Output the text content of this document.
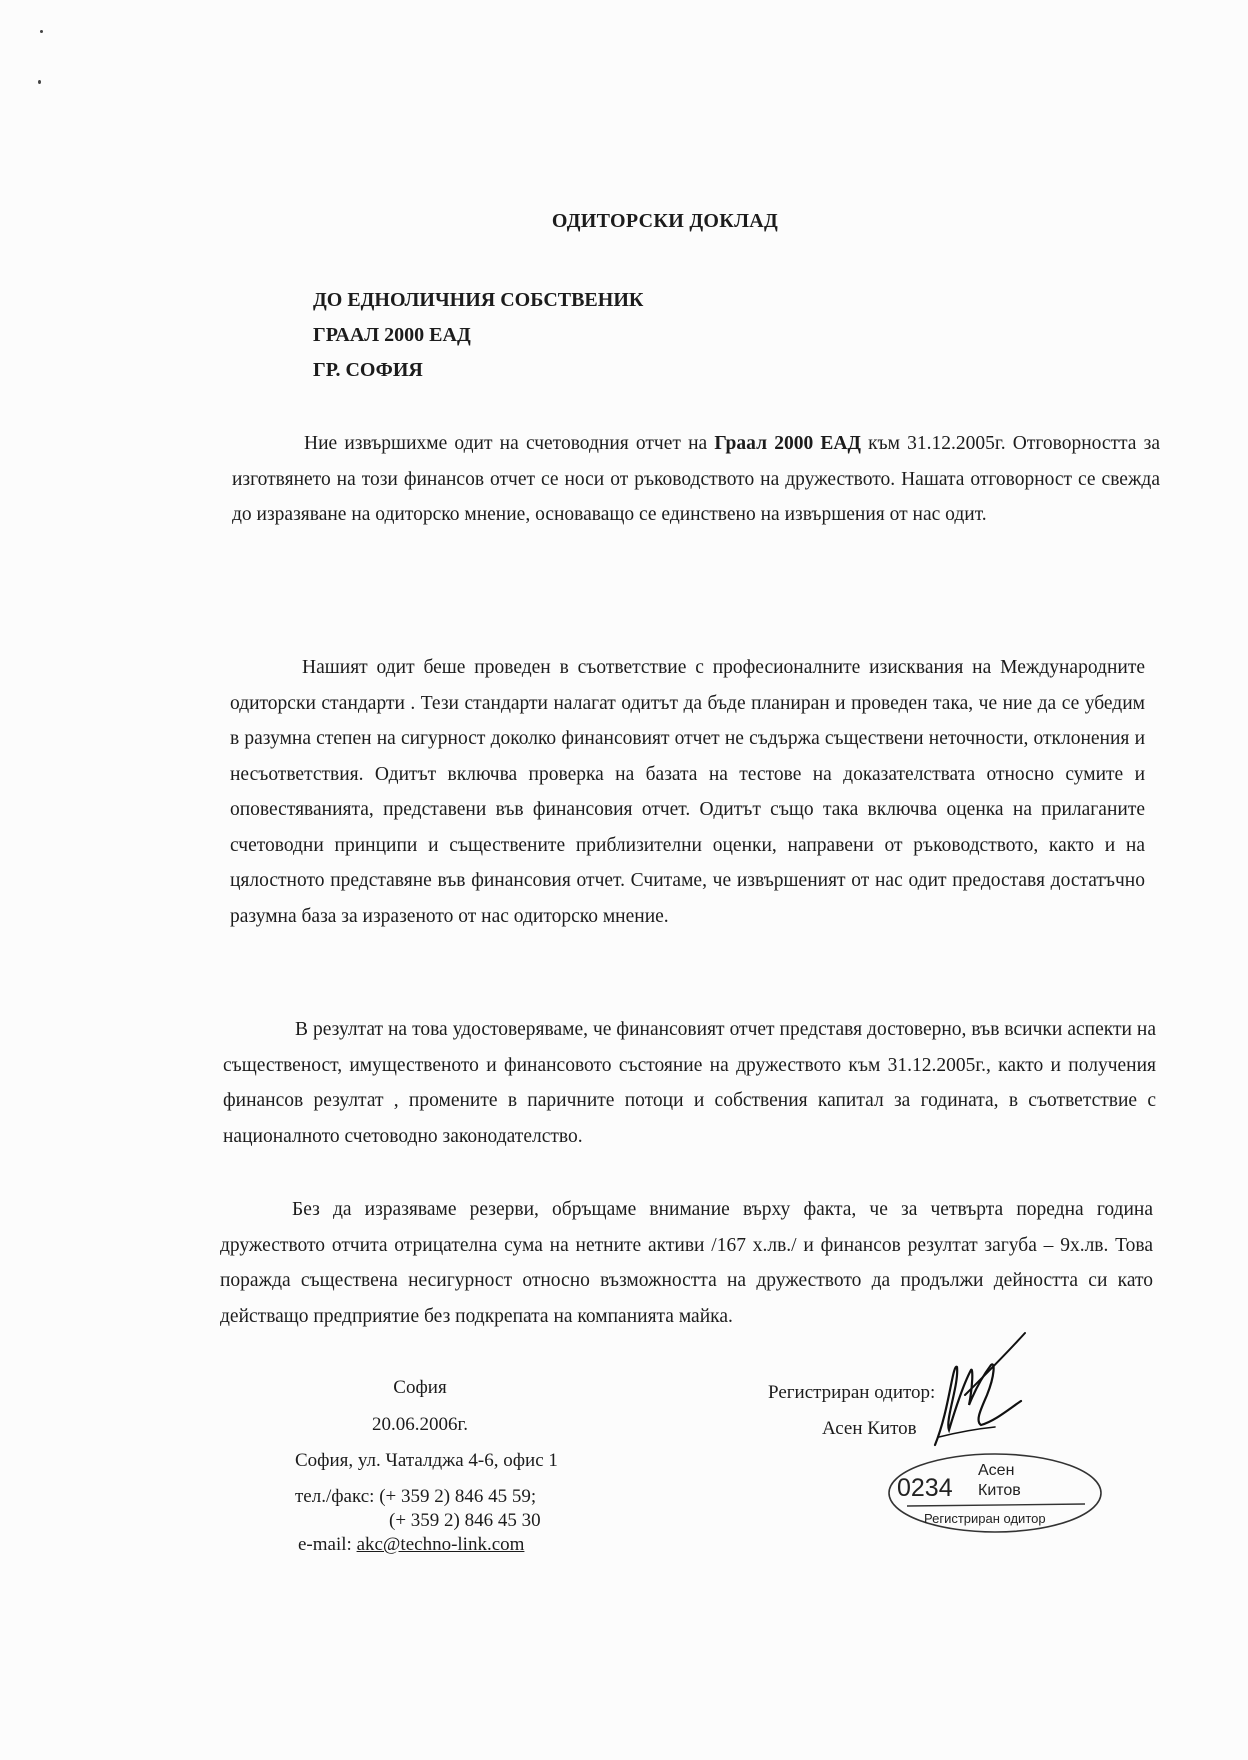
ОДИТОРСКИ ДОКЛАД
ДО ЕДНОЛИЧНИЯ СОБСТВЕНИК
ГРААЛ 2000 ЕАД
ГР. СОФИЯ
Ние извършихме одит на счетоводния отчет на Граал 2000 ЕАД към 31.12.2005г. Отговорността за изготвянето на този финансов отчет се носи от ръководството на дружеството. Нашата отговорност се свежда до изразяване на одиторско мнение, основаващо се единствено на извършения от нас одит.
Нашият одит беше проведен в съответствие с професионалните изисквания на Международните одиторски стандарти . Тези стандарти налагат одитът да бъде планиран и проведен така, че ние да се убедим в разумна степен на сигурност доколко финансовият отчет не съдържа съществени неточности, отклонения и несъответствия. Одитът включва проверка на базата на тестове на доказателствата относно сумите и оповестяванията, представени във финансовия отчет. Одитът също така включва оценка на прилаганите счетоводни принципи и съществените приблизителни оценки, направени от ръководството, както и на цялостното представяне във финансовия отчет. Считаме, че извършеният от нас одит предоставя достатъчно разумна база за изразеното от нас одиторско мнение.
В резултат на това удостоверяваме, че финансовият отчет представя достоверно, във всички аспекти на същественост, имущественото и финансовото състояние на дружеството към 31.12.2005г., както и получения финансов резултат , промените в паричните потоци и собствения капитал за годината, в съответствие с националното счетоводно законодателство.
Без да изразяваме резерви, обръщаме внимание върху факта, че за четвърта поредна година дружеството отчита отрицателна сума на нетните активи /167 х.лв./ и финансов резултат загуба – 9х.лв. Това поражда съществена несигурност относно възможността на дружеството да продължи дейността си като действащо предприятие без подкрепата на компанията майка.
София
20.06.2006г.
София, ул. Чаталджа 4-6, офис 1
тел./факс: (+ 359 2) 846 45 59;
(+ 359 2) 846 45 30
e-mail: akc@techno-link.com
Регистриран одитор:
Асен Китов
0234
Асен
Китов
Регистриран одитор
